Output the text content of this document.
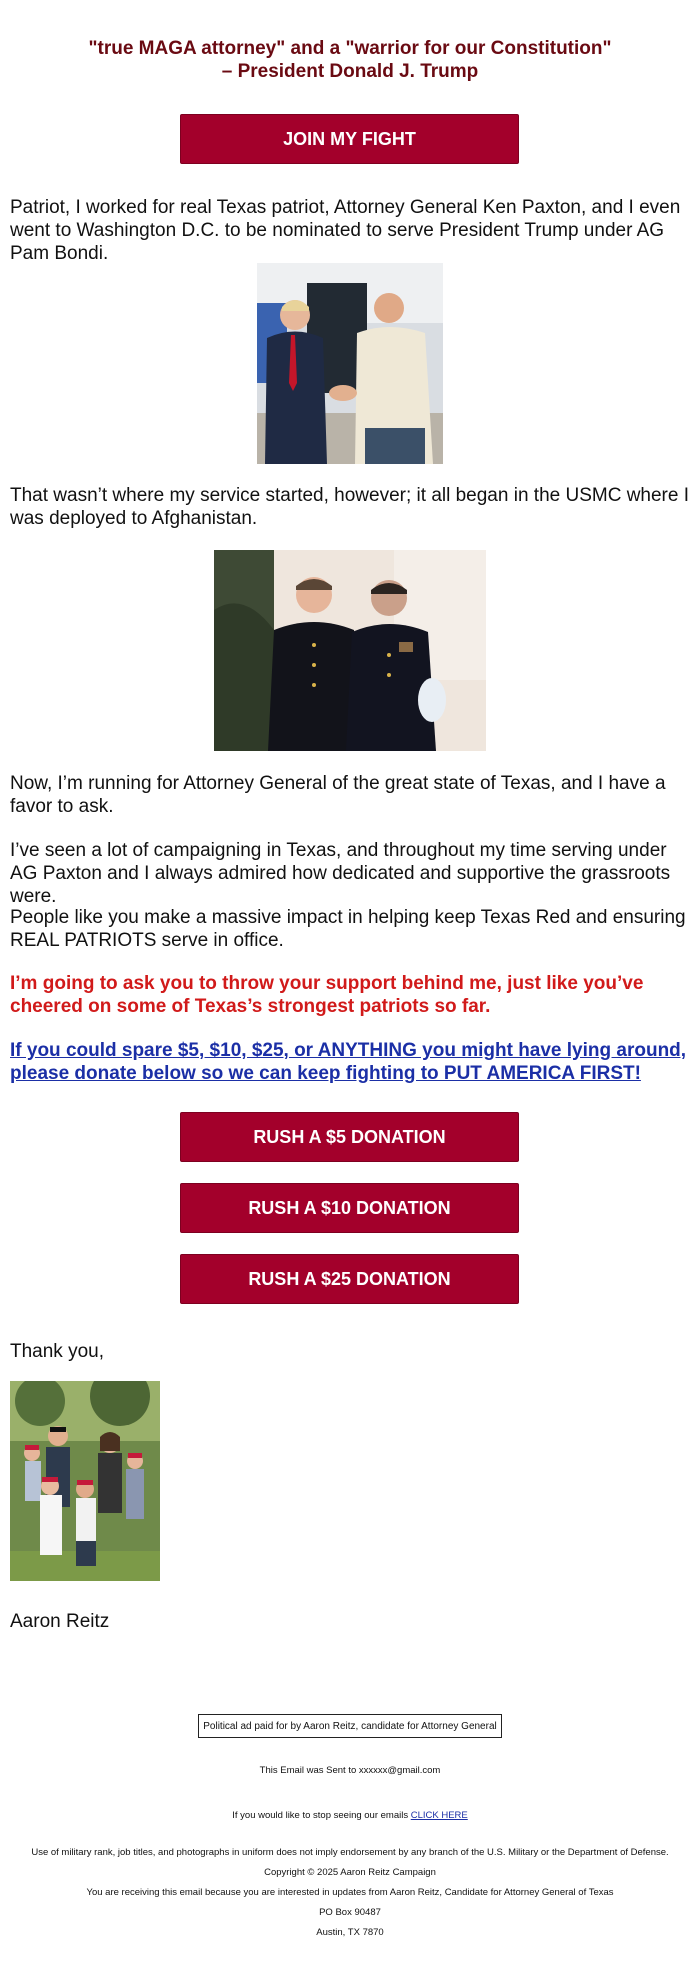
"true MAGA attorney" and a "warrior for our Constitution"
– President Donald J. Trump
JOIN MY FIGHT

Patriot, I worked for real Texas patriot, Attorney General Ken Paxton, and I even went to Washington D.C. to be nominated to serve President Trump under AG Pam Bondi.

That wasn’t where my service started, however; it all began in the USMC where I was deployed to Afghanistan.

Now, I’m running for Attorney General of the great state of Texas, and I have a favor to ask.

I’ve seen a lot of campaigning in Texas, and throughout my time serving under AG Paxton and I always admired how dedicated and supportive the grassroots were.

People like you make a massive impact in helping keep Texas Red and ensuring REAL PATRIOTS serve in office.

I’m going to ask you to throw your support behind me, just like you’ve cheered on some of Texas’s strongest patriots so far.

If you could spare $5, $10, $25, or ANYTHING you might have lying around, please donate below so we can keep fighting to PUT AMERICA FIRST!

RUSH A $5 DONATION
RUSH A $10 DONATION
RUSH A $25 DONATION
Thank you,
Aaron Reitz
Political ad paid for by Aaron Reitz, candidate for Attorney General
This Email was Sent to xxxxxx@gmail.com
If you would like to stop seeing our emails CLICK HERE
Use of military rank, job titles, and photographs in uniform does not imply endorsement by any branch of the U.S. Military or the Department of Defense.
Copyright © 2025 Aaron Reitz Campaign
You are receiving this email because you are interested in updates from Aaron Reitz, Candidate for Attorney General of Texas
PO Box 90487
Austin, TX 7870
